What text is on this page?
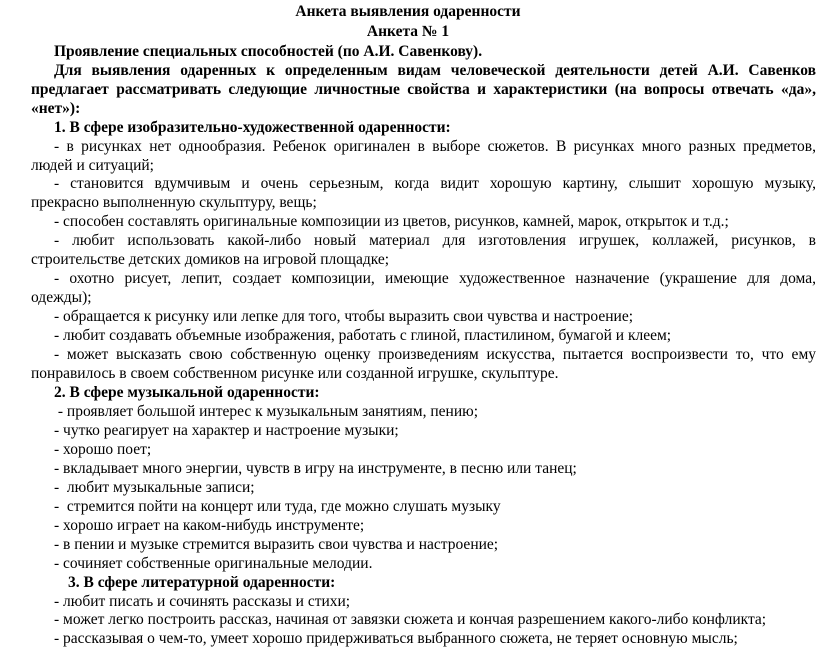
Анкета выявления одаренности
Анкета № 1
Проявление специальных способностей (по А.И. Савенкову).
Для выявления одаренных к определенным видам человеческой деятельности детей А.И. Савенков
предлагает рассматривать следующие личностные свойства и характеристики (на вопросы отвечать «да»,
«нет»):
1. В сфере изобразительно-художественной одаренности:
- в рисунках нет однообразия. Ребенок оригинален в выборе сюжетов. В рисунках много разных предметов,
людей и ситуаций;
- становится вдумчивым и очень серьезным, когда видит хорошую картину, слышит хорошую музыку,
прекрасно выполненную скульптуру, вещь;
- способен составлять оригинальные композиции из цветов, рисунков, камней, марок, открыток и т.д.;
- любит использовать какой-либо новый материал для изготовления игрушек, коллажей, рисунков, в
строительстве детских домиков на игровой площадке;
- охотно рисует, лепит, создает композиции, имеющие художественное назначение (украшение для дома,
одежды);
- обращается к рисунку или лепке для того, чтобы выразить свои чувства и настроение;
- любит создавать объемные изображения, работать с глиной, пластилином, бумагой и клеем;
- может высказать свою собственную оценку произведениям искусства, пытается воспроизвести то, что ему
понравилось в своем собственном рисунке или созданной игрушке, скульптуре.
2. В сфере музыкальной одаренности:
- проявляет большой интерес к музыкальным занятиям, пению;
- чутко реагирует на характер и настроение музыки;
- хорошо поет;
- вкладывает много энергии, чувств в игру на инструменте, в песню или танец;
-  любит музыкальные записи;
-  стремится пойти на концерт или туда, где можно слушать музыку
- хорошо играет на каком-нибудь инструменте;
- в пении и музыке стремится выразить свои чувства и настроение;
- сочиняет собственные оригинальные мелодии.
3. В сфере литературной одаренности:
- любит писать и сочинять рассказы и стихи;
- может легко построить рассказ, начиная от завязки сюжета и кончая разрешением какого-либо конфликта;
- рассказывая о чем-то, умеет хорошо придерживаться выбранного сюжета, не теряет основную мысль;
